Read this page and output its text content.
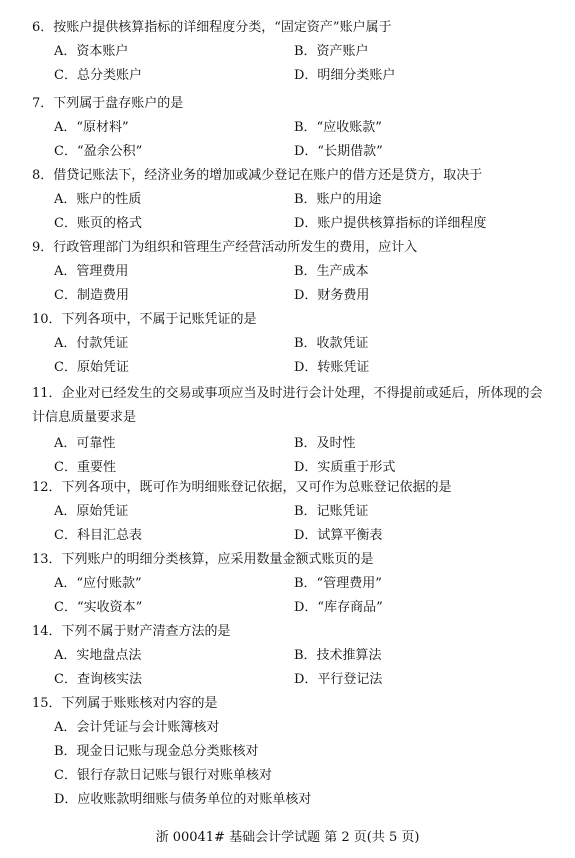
6．按账户提供核算指标的详细程度分类，“固定资产”账户属于
A．资本账户	B．资产账户
C．总分类账户	D．明细分类账户
7．下列属于盘存账户的是
A．“原材料”	B．“应收账款”
C．“盈余公积”	D．“长期借款”
8．借贷记账法下，经济业务的增加或减少登记在账户的借方还是贷方，取决于
A．账户的性质	B．账户的用途
C．账页的格式	D．账户提供核算指标的详细程度
9．行政管理部门为组织和管理生产经营活动所发生的费用，应计入
A．管理费用	B．生产成本
C．制造费用	D．财务费用
10．下列各项中，不属于记账凭证的是
A．付款凭证	B．收款凭证
C．原始凭证	D．转账凭证
11．企业对已经发生的交易或事项应当及时进行会计处理，不得提前或延后，所体现的会计信息质量要求是
A．可靠性	B．及时性
C．重要性	D．实质重于形式
12．下列各项中，既可作为明细账登记依据，又可作为总账登记依据的是
A．原始凭证	B．记账凭证
C．科目汇总表	D．试算平衡表
13．下列账户的明细分类核算，应采用数量金额式账页的是
A．“应付账款”	B．“管理费用”
C．“实收资本”	D．“库存商品”
14．下列不属于财产清查方法的是
A．实地盘点法	B．技术推算法
C．查询核实法	D．平行登记法
15．下列属于账账核对内容的是
A．会计凭证与会计账簿核对
B．现金日记账与现金总分类账核对
C．银行存款日记账与银行对账单核对
D．应收账款明细账与债务单位的对账单核对
浙 00041# 基础会计学试题 第 2 页(共 5 页)
